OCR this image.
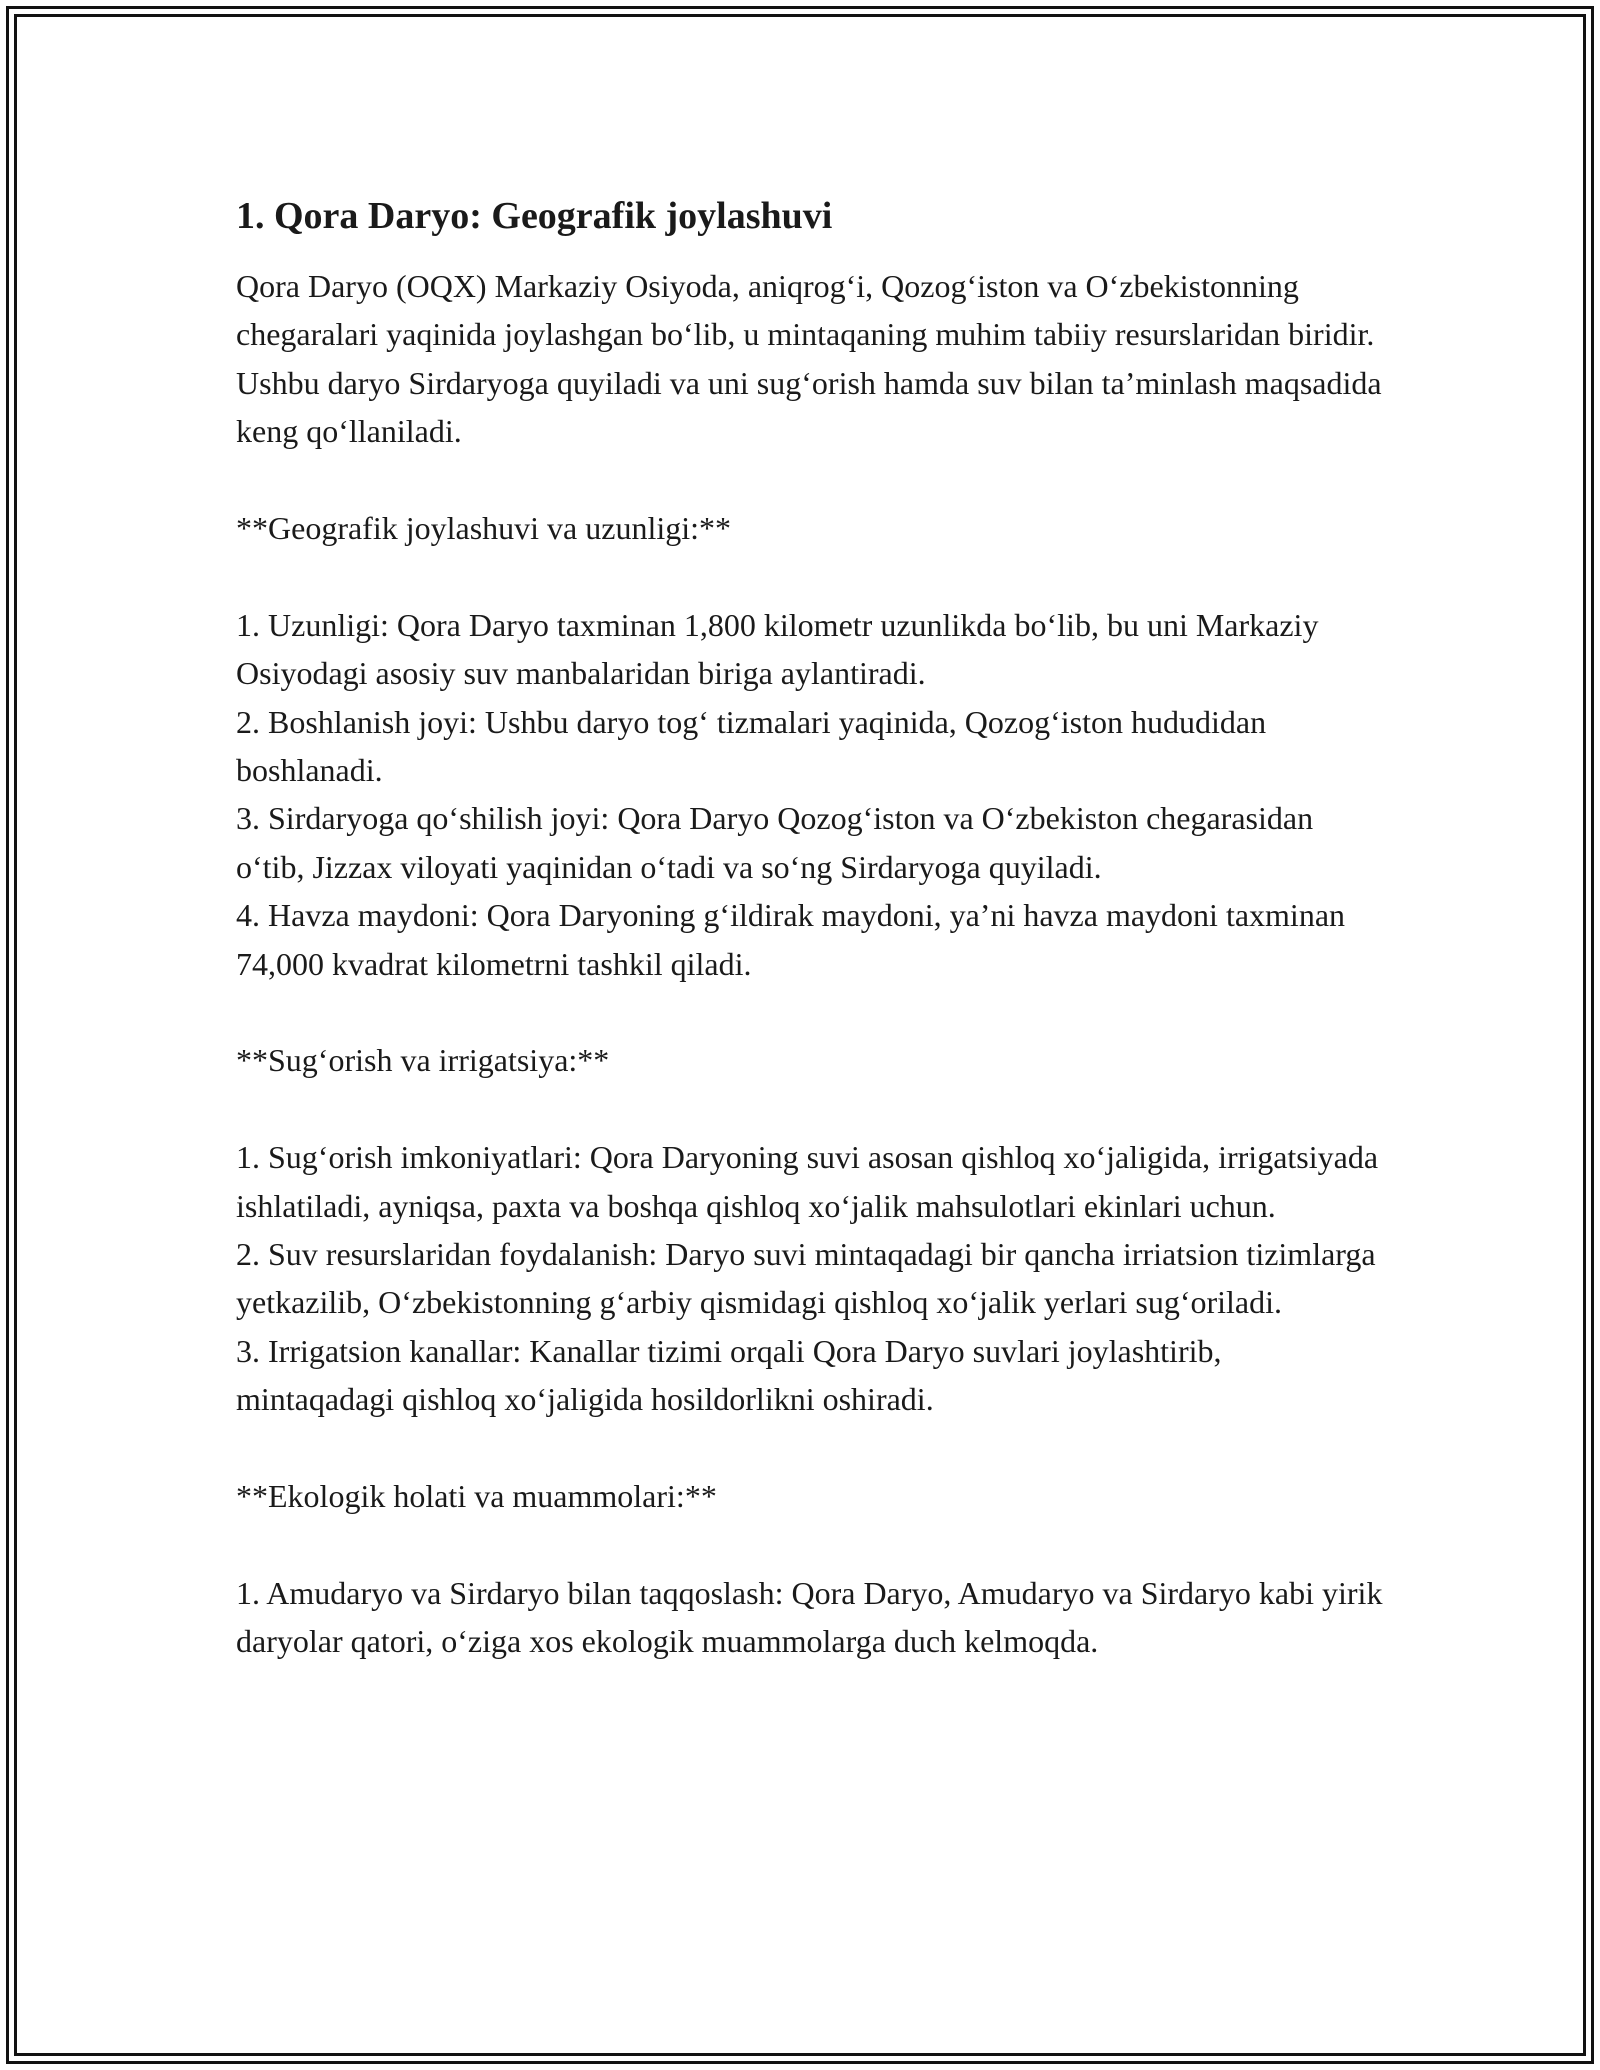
1. Qora Daryo: Geografik joylashuvi

Qora Daryo (OQX) Markaziy Osiyoda, aniqrog‘i, Qozog‘iston va O‘zbekistonning chegaralari yaqinida joylashgan bo‘lib, u mintaqaning muhim tabiiy resurslaridan biridir. Ushbu daryo Sirdaryoga quyiladi va uni sug‘orish hamda suv bilan ta’minlash maqsadida keng qo‘llaniladi.

**Geografik joylashuvi va uzunligi:**

1. Uzunligi: Qora Daryo taxminan 1,800 kilometr uzunlikda bo‘lib, bu uni Markaziy Osiyodagi asosiy suv manbalaridan biriga aylantiradi.

2. Boshlanish joyi: Ushbu daryo tog‘ tizmalari yaqinida, Qozog‘iston hududidan boshlanadi.

3. Sirdaryoga qo‘shilish joyi: Qora Daryo Qozog‘iston va O‘zbekiston chegarasidan o‘tib, Jizzax viloyati yaqinidan o‘tadi va so‘ng Sirdaryoga quyiladi.

4. Havza maydoni: Qora Daryoning g‘ildirak maydoni, ya’ni havza maydoni taxminan 74,000 kvadrat kilometrni tashkil qiladi.

**Sug‘orish va irrigatsiya:**

1. Sug‘orish imkoniyatlari: Qora Daryoning suvi asosan qishloq xo‘jaligida, irrigatsiyada ishlatiladi, ayniqsa, paxta va boshqa qishloq xo‘jalik mahsulotlari ekinlari uchun.

2. Suv resurslaridan foydalanish: Daryo suvi mintaqadagi bir qancha irriatsion tizimlarga yetkazilib, O‘zbekistonning g‘arbiy qismidagi qishloq xo‘jalik yerlari sug‘oriladi.

3. Irrigatsion kanallar: Kanallar tizimi orqali Qora Daryo suvlari joylashtirib, mintaqadagi qishloq xo‘jaligida hosildorlikni oshiradi.

**Ekologik holati va muammolari:**

1. Amudaryo va Sirdaryo bilan taqqoslash: Qora Daryo, Amudaryo va Sirdaryo kabi yirik daryolar qatori, o‘ziga xos ekologik muammolarga duch kelmoqda.
